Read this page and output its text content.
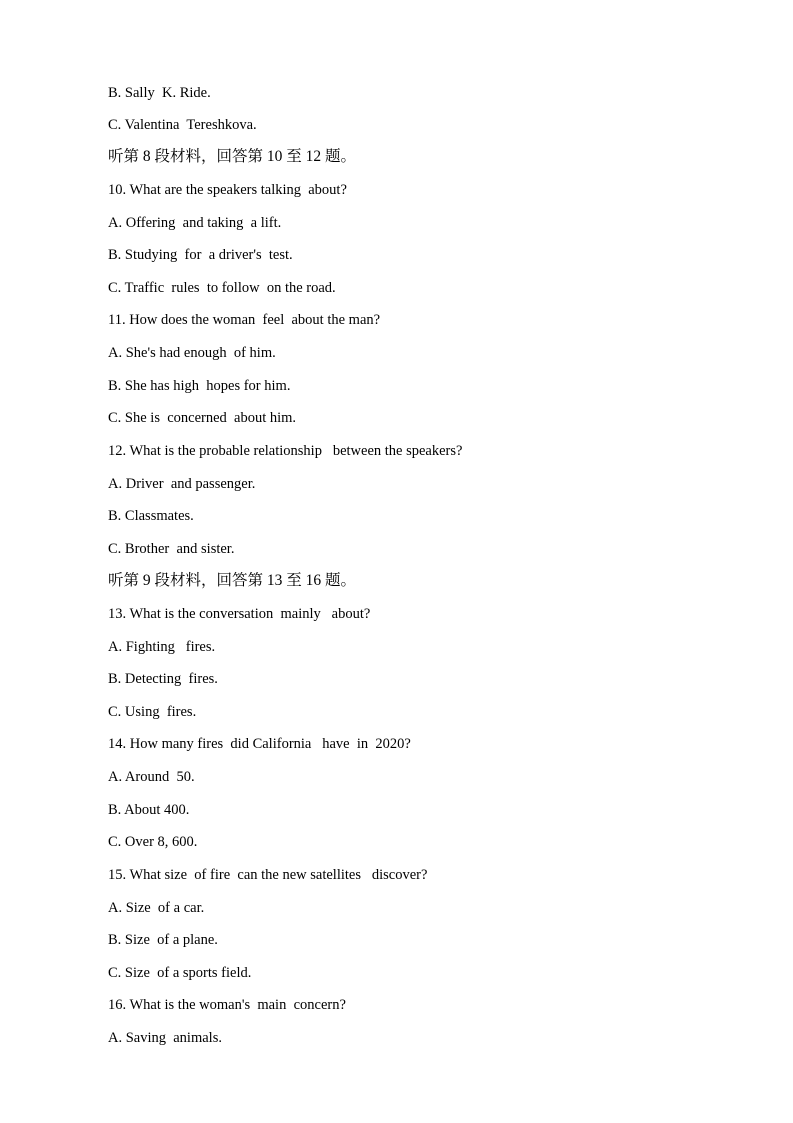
B. Sally  K. Ride.
C. Valentina  Tereshkova.
听第 8 段材料，回答第 10 至 12 题。
10. What are the speakers talking  about?
A. Offering  and taking  a lift.
B. Studying  for  a driver's  test.
C. Traffic  rules  to follow  on the road.
11. How does the woman  feel  about the man?
A. She's had enough  of him.
B. She has high  hopes for him.
C. She is  concerned  about him.
12. What is the probable relationship   between the speakers?
A. Driver  and passenger.
B. Classmates.
C. Brother  and sister.
听第 9 段材料，回答第 13 至 16 题。
13. What is the conversation  mainly   about?
A. Fighting   fires.
B. Detecting  fires.
C. Using  fires.
14. How many fires  did California   have  in  2020?
A. Around  50.
B. About 400.
C. Over 8, 600.
15. What size  of fire  can the new satellites   discover?
A. Size  of a car.
B. Size  of a plane.
C. Size  of a sports field.
16. What is the woman's  main  concern?
A. Saving  animals.
